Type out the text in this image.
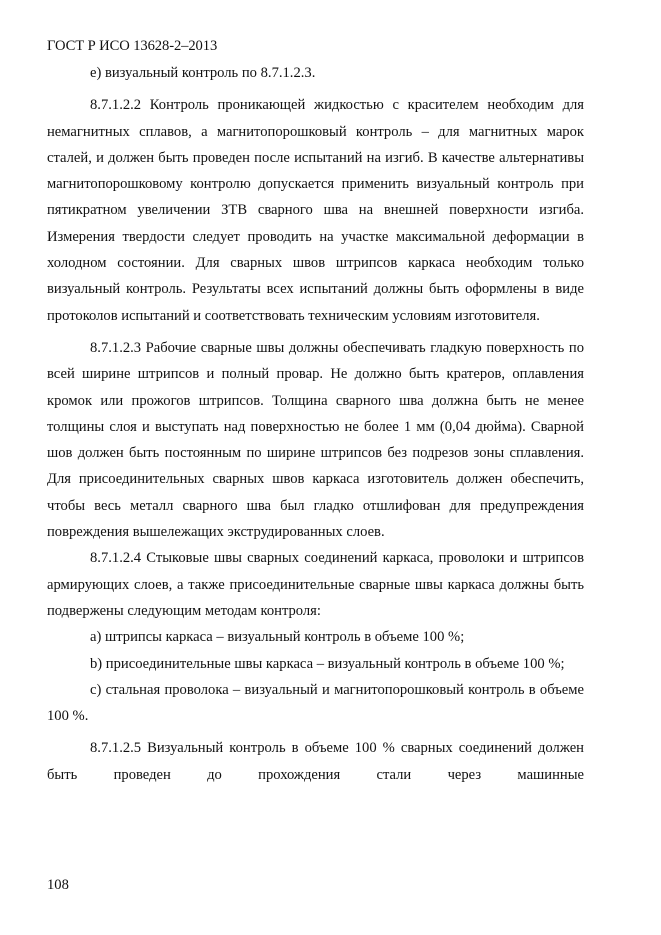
ГОСТ Р ИСО 13628-2–2013

е) визуальный контроль по 8.7.1.2.3.

8.7.1.2.2 Контроль проникающей жидкостью с красителем необходим для немагнитных сплавов, а магнитопорошковый контроль – для магнитных марок сталей, и должен быть проведен после испытаний на изгиб. В качестве альтернативы магнитопорошковому контролю допускается применить визуальный контроль при пятикратном увеличении ЗТВ сварного шва на внешней поверхности изгиба. Измерения твердости следует проводить на участке максимальной деформации в холодном состоянии. Для сварных швов штрипсов каркаса необходим только визуальный контроль. Результаты всех испытаний должны быть оформлены в виде протоколов испытаний и соответствовать техническим условиям изготовителя.

8.7.1.2.3 Рабочие сварные швы должны обеспечивать гладкую поверхность по всей ширине штрипсов и полный провар. Не должно быть кратеров, оплавления кромок или прожогов штрипсов. Толщина сварного шва должна быть не менее толщины слоя и выступать над поверхностью не более 1 мм (0,04 дюйма). Сварной шов должен быть постоянным по ширине штрипсов без подрезов зоны сплавления. Для присоединительных сварных швов каркаса изготовитель должен обеспечить, чтобы весь металл сварного шва был гладко отшлифован для предупреждения повреждения вышележащих экструдированных слоев.

8.7.1.2.4 Стыковые швы сварных соединений каркаса, проволоки и штрипсов армирующих слоев, а также присоединительные сварные швы каркаса должны быть подвержены следующим методам контроля:

а) штрипсы каркаса – визуальный контроль в объеме 100 %;

b) присоединительные швы каркаса – визуальный контроль в объеме 100 %;

с) стальная проволока – визуальный и магнитопорошковый контроль в объеме 100 %.

8.7.1.2.5 Визуальный контроль в объеме 100 % сварных соединений должен быть проведен до прохождения стали через машинные

108
